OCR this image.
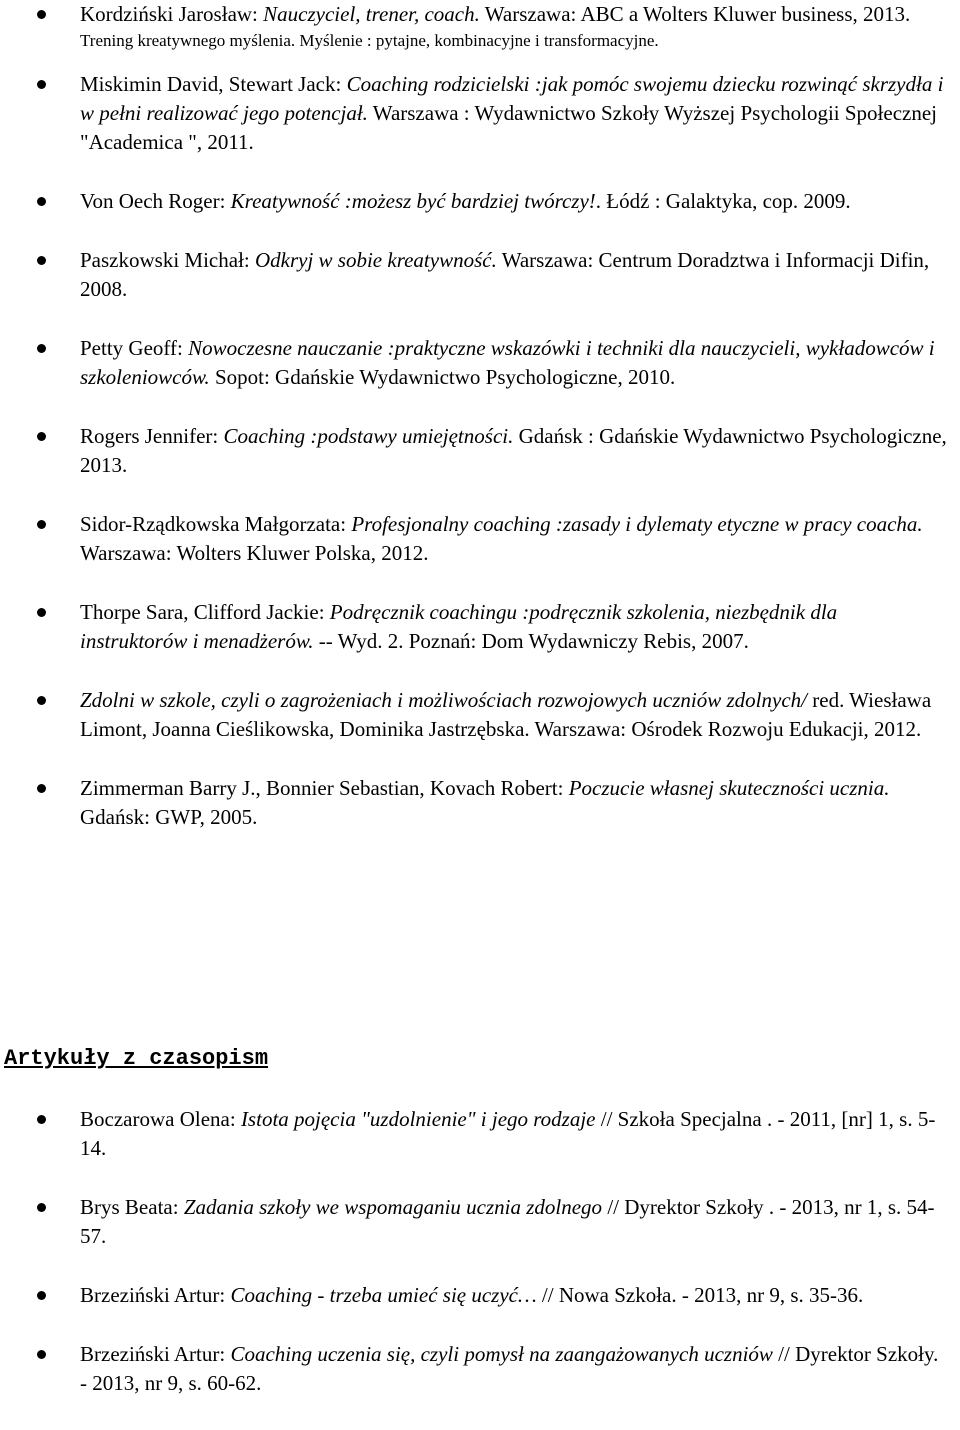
Kordziński Jarosław: Nauczyciel, trener, coach. Warszawa: ABC a Wolters Kluwer business, 2013.
Trening kreatywnego myślenia. Myślenie : pytajne, kombinacyjne i transformacyjne.
Miskimin David, Stewart Jack: Coaching rodzicielski :jak pomóc swojemu dziecku rozwinąć skrzydła i w pełni realizować jego potencjał. Warszawa : Wydawnictwo Szkoły Wyższej Psychologii Społecznej "Academica ", 2011.
Von Oech Roger: Kreatywność :możesz być bardziej twórczy!. Łódź : Galaktyka, cop. 2009.
Paszkowski Michał: Odkryj w sobie kreatywność. Warszawa: Centrum Doradztwa i Informacji Difin, 2008.
Petty Geoff: Nowoczesne nauczanie :praktyczne wskazówki i techniki dla nauczycieli, wykładowców i szkoleniowców. Sopot: Gdańskie Wydawnictwo Psychologiczne, 2010.
Rogers Jennifer: Coaching :podstawy umiejętności. Gdańsk : Gdańskie Wydawnictwo Psychologiczne, 2013.
Sidor-Rządkowska Małgorzata: Profesjonalny coaching :zasady i dylematy etyczne w pracy coacha. Warszawa: Wolters Kluwer Polska, 2012.
Thorpe Sara, Clifford Jackie: Podręcznik coachingu :podręcznik szkolenia, niezbędnik dla instruktorów i menadżerów. -- Wyd. 2. Poznań: Dom Wydawniczy Rebis, 2007.
Zdolni w szkole, czyli o zagrożeniach i możliwościach rozwojowych uczniów zdolnych/ red. Wiesława Limont, Joanna Cieślikowska, Dominika Jastrzębska. Warszawa: Ośrodek Rozwoju Edukacji, 2012.
Zimmerman Barry J., Bonnier Sebastian, Kovach Robert: Poczucie własnej skuteczności ucznia. Gdańsk: GWP, 2005.
Artykuły z czasopism
Boczarowa Olena: Istota pojęcia "uzdolnienie" i jego rodzaje // Szkoła Specjalna . - 2011, [nr] 1, s. 5-14.
Brys Beata: Zadania szkoły we wspomaganiu ucznia zdolnego // Dyrektor Szkoły . - 2013, nr 1, s. 54-57.
Brzeziński Artur: Coaching - trzeba umieć się uczyć… // Nowa Szkoła. - 2013, nr 9, s. 35-36.
Brzeziński Artur: Coaching uczenia się, czyli pomysł na zaangażowanych uczniów // Dyrektor Szkoły. - 2013, nr 9, s. 60-62.
